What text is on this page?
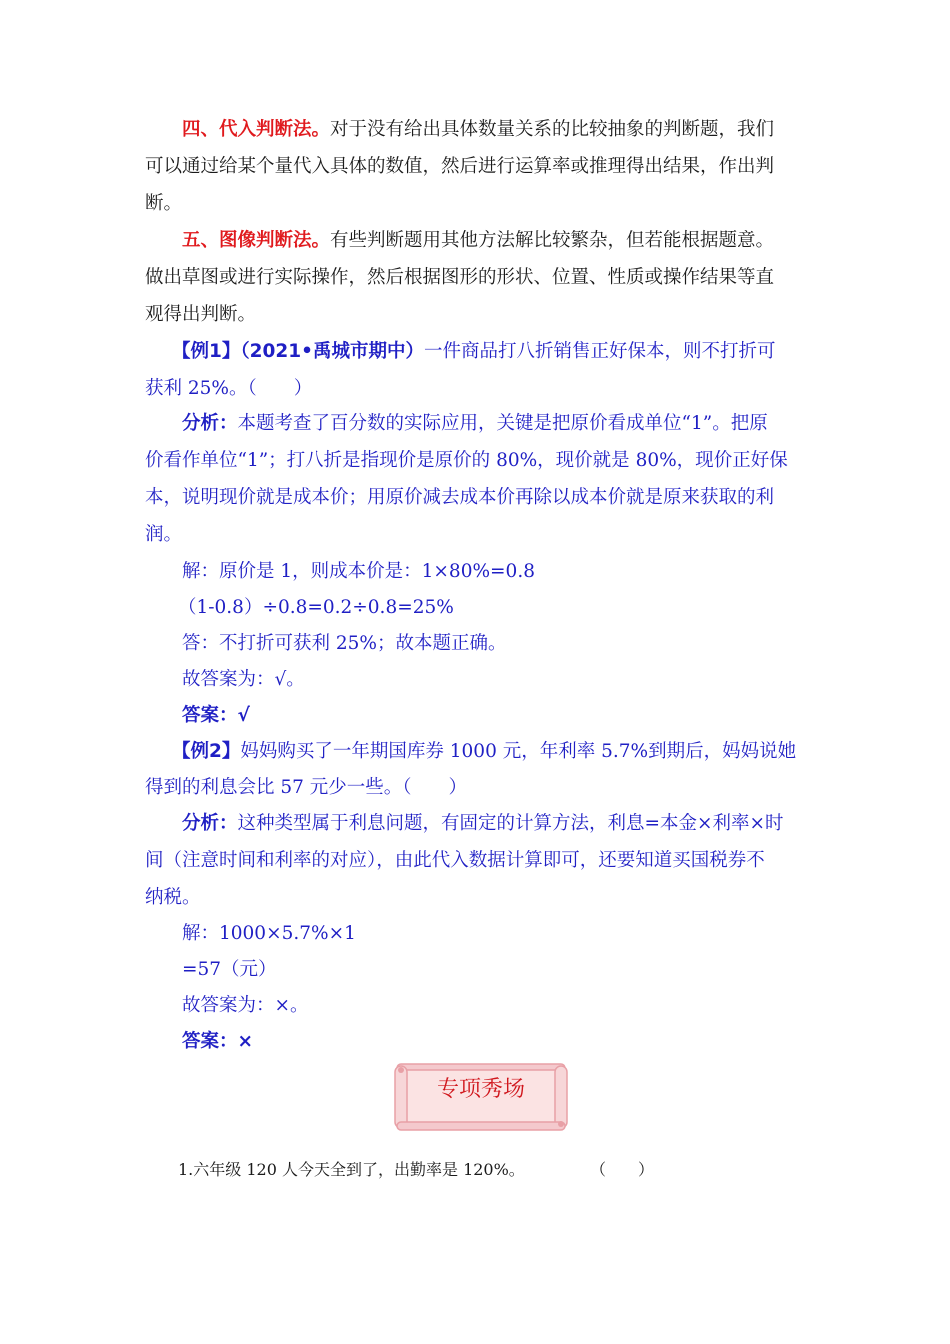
四、代入判断法。对于没有给出具体数量关系的比较抽象的判断题，我们
可以通过给某个量代入具体的数值，然后进行运算率或推理得出结果，作出判
断。
五、图像判断法。有些判断题用其他方法解比较繁杂，但若能根据题意。
做出草图或进行实际操作，然后根据图形的形状、位置、性质或操作结果等直
观得出判断。
【例1】（2021•禹城市期中）一件商品打八折销售正好保本，则不打折可
获利 25%。（　　）
分析：本题考查了百分数的实际应用，关键是把原价看成单位“1”。把原
价看作单位“1”；打八折是指现价是原价的 80%，现价就是 80%，现价正好保
本，说明现价就是成本价；用原价减去成本价再除以成本价就是原来获取的利
润。
解：原价是 1，则成本价是：1×80%=0.8
（1-0.8）÷0.8=0.2÷0.8=25%
答：不打折可获利 25%；故本题正确。
故答案为：√。
答案：√
【例2】妈妈购买了一年期国库券 1000 元，年利率 5.7%到期后，妈妈说她
得到的利息会比 57 元少一些。（　　）
分析：这种类型属于利息问题，有固定的计算方法，利息=本金×利率×时
间（注意时间和利率的对应），由此代入数据计算即可，还要知道买国税券不
纳税。
解：1000×5.7%×1
=57（元）
故答案为：×。
答案：×
专项秀场
1.六年级 120 人今天全到了，出勤率是 120%。	（　　）
